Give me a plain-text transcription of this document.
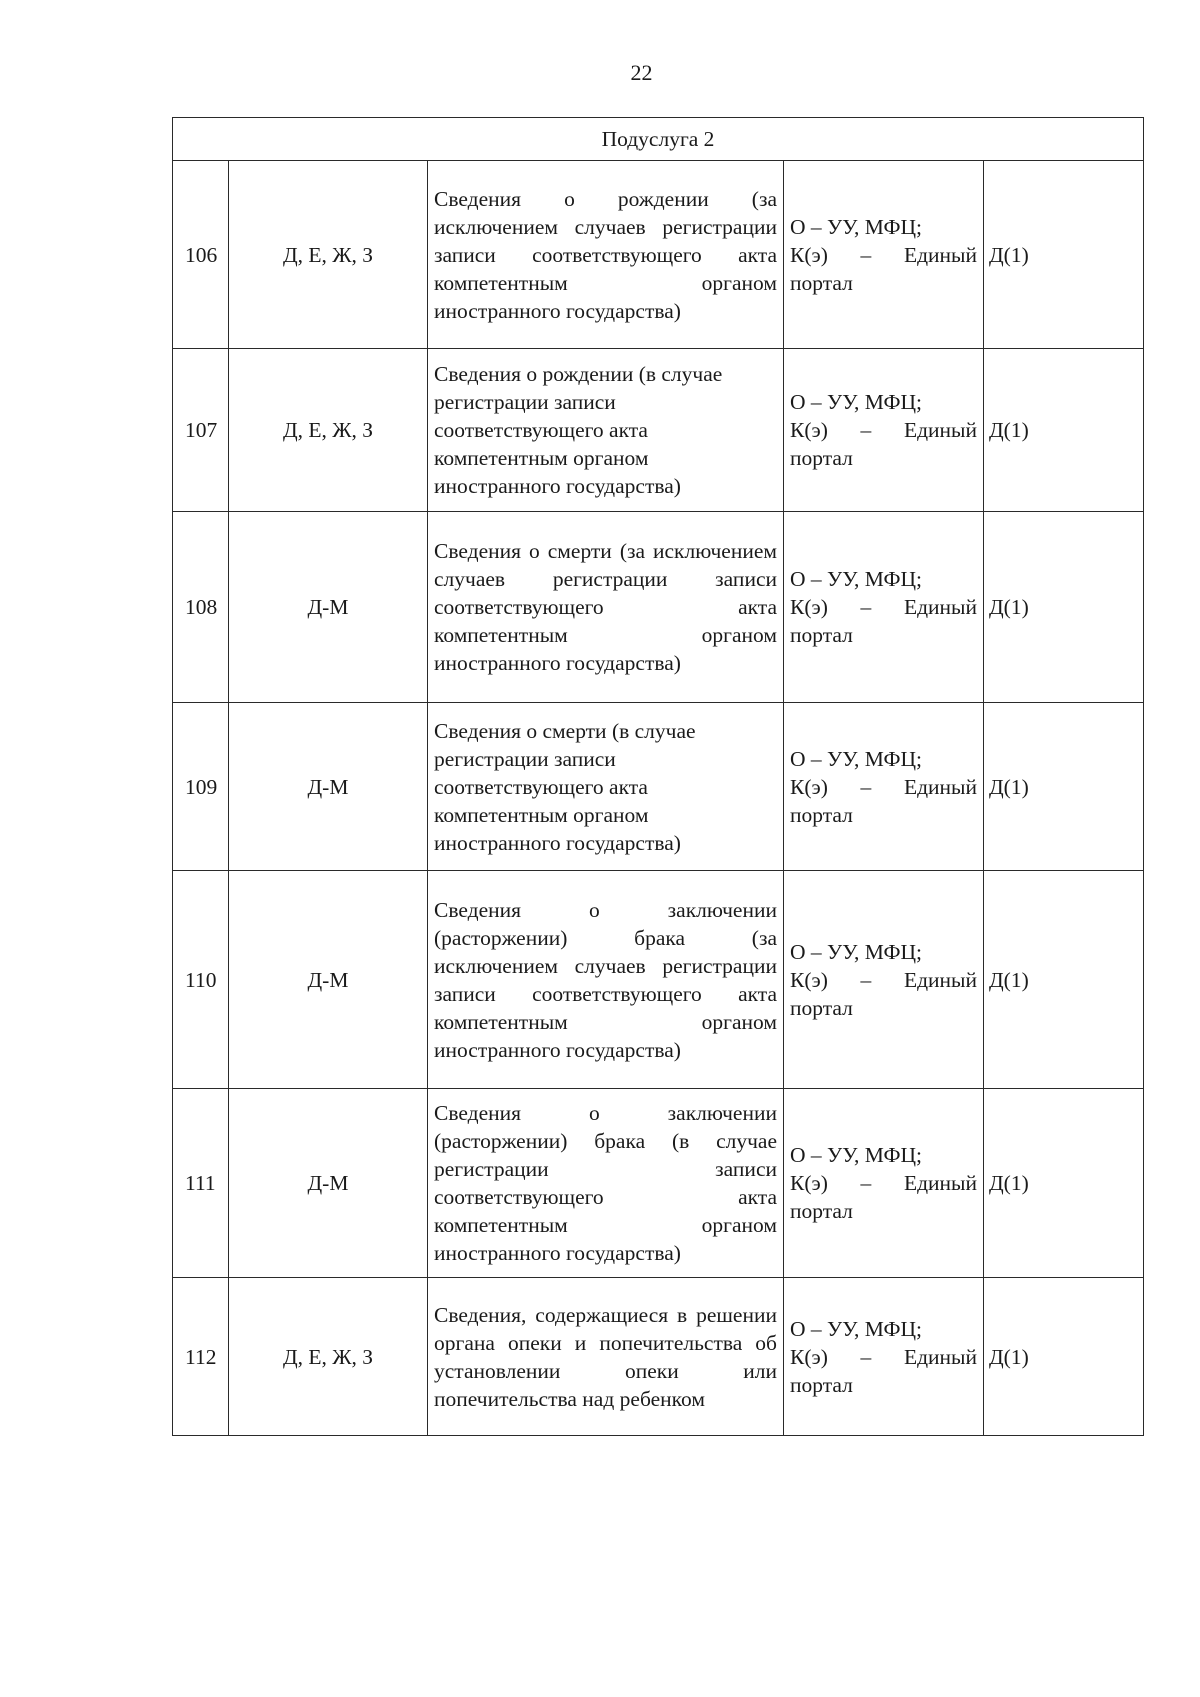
22
Подуслуга 2				
106	Д, Е, Ж, З	Сведения о рождении (за исключением случаев регистрации записи соответствующего акта компетентным органом иностранного государства)	О – УУ, МФЦ;
К(э) – Единый
портал	Д(1)
107	Д, Е, Ж, З	Сведения о рождении (в случае регистрации записи соответствующего акта компетентным органом иностранного государства)	О – УУ, МФЦ;
К(э) – Единый
портал	Д(1)
108	Д-М	Сведения о смерти (за исключением случаев регистрации записи соответствующего акта компетентным органом иностранного государства)	О – УУ, МФЦ;
К(э) – Единый
портал	Д(1)
109	Д-М	Сведения о смерти (в случае регистрации записи соответствующего акта компетентным органом иностранного государства)	О – УУ, МФЦ;
К(э) – Единый
портал	Д(1)
110	Д-М	Сведения о заключении (расторжении) брака (за исключением случаев регистрации записи соответствующего акта компетентным органом иностранного государства)	О – УУ, МФЦ;
К(э) – Единый
портал	Д(1)
111	Д-М	Сведения о заключении (расторжении) брака (в случае регистрации записи соответствующего акта компетентным органом иностранного государства)	О – УУ, МФЦ;
К(э) – Единый
портал	Д(1)
112	Д, Е, Ж, З	Сведения, содержащиеся в решении органа опеки и попечительства об установлении опеки или попечительства над ребенком	О – УУ, МФЦ;
К(э) – Единый
портал	Д(1)
